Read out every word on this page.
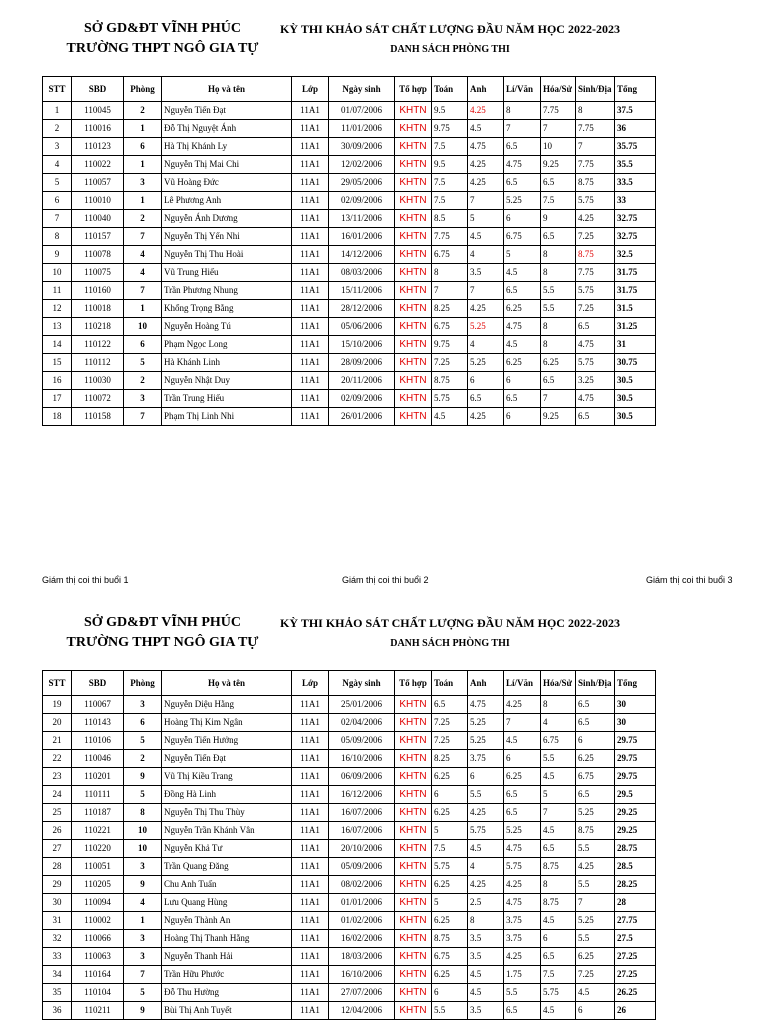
SỞ GD&ĐT VĨNH PHÚC
TRƯỜNG THPT NGÔ GIA TỰ
KỲ THI KHẢO SÁT CHẤT LƯỢNG ĐẦU NĂM HỌC 2022-2023
DANH SÁCH PHÒNG THI
STT	SBD	Phòng	Họ và tên	Lớp	Ngày sinh	Tổ hợp	Toán	Anh	Lí/Văn	Hóa/Sử	Sinh/Địa	Tổng
1	110045	2	Nguyễn Tiến Đạt	11A1	01/07/2006	KHTN	9.5	4.25	8	7.75	8	37.5
2	110016	1	Đỗ Thị Nguyệt Ánh	11A1	11/01/2006	KHTN	9.75	4.5	7	7	7.75	36
3	110123	6	Hà Thị Khánh Ly	11A1	30/09/2006	KHTN	7.5	4.75	6.5	10	7	35.75
4	110022	1	Nguyễn Thị Mai Chi	11A1	12/02/2006	KHTN	9.5	4.25	4.75	9.25	7.75	35.5
5	110057	3	Vũ Hoàng Đức	11A1	29/05/2006	KHTN	7.5	4.25	6.5	6.5	8.75	33.5
6	110010	1	Lê Phương Anh	11A1	02/09/2006	KHTN	7.5	7	5.25	7.5	5.75	33
7	110040	2	Nguyễn Ánh Dương	11A1	13/11/2006	KHTN	8.5	5	6	9	4.25	32.75
8	110157	7	Nguyễn Thị Yến Nhi	11A1	16/01/2006	KHTN	7.75	4.5	6.75	6.5	7.25	32.75
9	110078	4	Nguyễn Thị Thu Hoài	11A1	14/12/2006	KHTN	6.75	4	5	8	8.75	32.5
10	110075	4	Vũ Trung Hiếu	11A1	08/03/2006	KHTN	8	3.5	4.5	8	7.75	31.75
11	110160	7	Trần Phương Nhung	11A1	15/11/2006	KHTN	7	7	6.5	5.5	5.75	31.75
12	110018	1	Khổng Trọng Bằng	11A1	28/12/2006	KHTN	8.25	4.25	6.25	5.5	7.25	31.5
13	110218	10	Nguyễn Hoàng Tú	11A1	05/06/2006	KHTN	6.75	5.25	4.75	8	6.5	31.25
14	110122	6	Phạm Ngọc Long	11A1	15/10/2006	KHTN	9.75	4	4.5	8	4.75	31
15	110112	5	Hà Khánh Linh	11A1	28/09/2006	KHTN	7.25	5.25	6.25	6.25	5.75	30.75
16	110030	2	Nguyễn Nhật Duy	11A1	20/11/2006	KHTN	8.75	6	6	6.5	3.25	30.5
17	110072	3	Trần Trung Hiếu	11A1	02/09/2006	KHTN	5.75	6.5	6.5	7	4.75	30.5
18	110158	7	Phạm Thị Linh Nhi	11A1	26/01/2006	KHTN	4.5	4.25	6	9.25	6.5	30.5
Giám thị coi thi buổi 1	Giám thị coi thi buổi 2	Giám thị coi thi buổi 3
SỞ GD&ĐT VĨNH PHÚC
TRƯỜNG THPT NGÔ GIA TỰ
KỲ THI KHẢO SÁT CHẤT LƯỢNG ĐẦU NĂM HỌC 2022-2023
DANH SÁCH PHÒNG THI
STT	SBD	Phòng	Họ và tên	Lớp	Ngày sinh	Tổ hợp	Toán	Anh	Lí/Văn	Hóa/Sử	Sinh/Địa	Tổng
19	110067	3	Nguyễn Diệu Hằng	11A1	25/01/2006	KHTN	6.5	4.75	4.25	8	6.5	30
20	110143	6	Hoàng Thị Kim Ngân	11A1	02/04/2006	KHTN	7.25	5.25	7	4	6.5	30
21	110106	5	Nguyễn Tiến Hưởng	11A1	05/09/2006	KHTN	7.25	5.25	4.5	6.75	6	29.75
22	110046	2	Nguyễn Tiến Đạt	11A1	16/10/2006	KHTN	8.25	3.75	6	5.5	6.25	29.75
23	110201	9	Vũ Thị Kiều Trang	11A1	06/09/2006	KHTN	6.25	6	6.25	4.5	6.75	29.75
24	110111	5	Đồng Hà Linh	11A1	16/12/2006	KHTN	6	5.5	6.5	5	6.5	29.5
25	110187	8	Nguyễn Thị Thu Thùy	11A1	16/07/2006	KHTN	6.25	4.25	6.5	7	5.25	29.25
26	110221	10	Nguyễn Trần Khánh Vân	11A1	16/07/2006	KHTN	5	5.75	5.25	4.5	8.75	29.25
27	110220	10	Nguyễn Khả Tư	11A1	20/10/2006	KHTN	7.5	4.5	4.75	6.5	5.5	28.75
28	110051	3	Trần Quang Đăng	11A1	05/09/2006	KHTN	5.75	4	5.75	8.75	4.25	28.5
29	110205	9	Chu Anh Tuấn	11A1	08/02/2006	KHTN	6.25	4.25	4.25	8	5.5	28.25
30	110094	4	Lưu Quang Hùng	11A1	01/01/2006	KHTN	5	2.5	4.75	8.75	7	28
31	110002	1	Nguyễn Thành An	11A1	01/02/2006	KHTN	6.25	8	3.75	4.5	5.25	27.75
32	110066	3	Hoàng Thị Thanh Hằng	11A1	16/02/2006	KHTN	8.75	3.5	3.75	6	5.5	27.5
33	110063	3	Nguyễn Thanh Hải	11A1	18/03/2006	KHTN	6.75	3.5	4.25	6.5	6.25	27.25
34	110164	7	Trần Hữu Phước	11A1	16/10/2006	KHTN	6.25	4.5	1.75	7.5	7.25	27.25
35	110104	5	Đỗ Thu Hường	11A1	27/07/2006	KHTN	6	4.5	5.5	5.75	4.5	26.25
36	110211	9	Bùi Thị Anh Tuyết	11A1	12/04/2006	KHTN	5.5	3.5	6.5	4.5	6	26
